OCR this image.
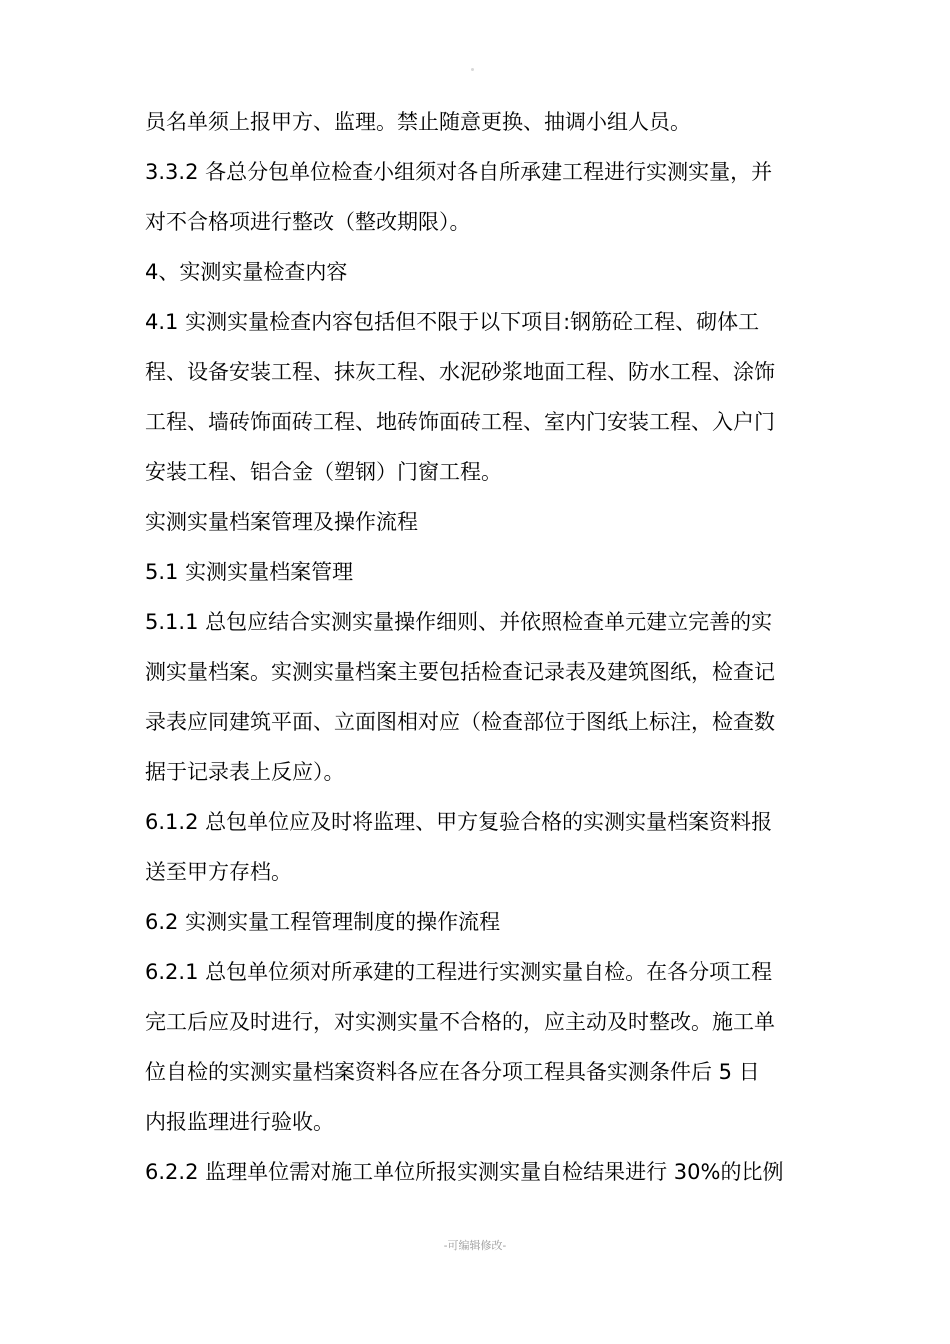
员名单须上报甲方、监理。禁止随意更换、抽调小组人员。
3.3.2 各总分包单位检查小组须对各自所承建工程进行实测实量，并
对不合格项进行整改（整改期限）。
4、实测实量检查内容
4.1 实测实量检查内容包括但不限于以下项目:钢筋砼工程、砌体工
程、设备安装工程、抹灰工程、水泥砂浆地面工程、防水工程、涂饰
工程、墙砖饰面砖工程、地砖饰面砖工程、室内门安装工程、入户门
安装工程、铝合金（塑钢）门窗工程。
实测实量档案管理及操作流程
5.1 实测实量档案管理
5.1.1 总包应结合实测实量操作细则、并依照检查单元建立完善的实
测实量档案。实测实量档案主要包括检查记录表及建筑图纸，检查记
录表应同建筑平面、立面图相对应（检查部位于图纸上标注，检查数
据于记录表上反应）。
6.1.2 总包单位应及时将监理、甲方复验合格的实测实量档案资料报
送至甲方存档。
6.2 实测实量工程管理制度的操作流程
6.2.1 总包单位须对所承建的工程进行实测实量自检。在各分项工程
完工后应及时进行，对实测实量不合格的，应主动及时整改。施工单
位自检的实测实量档案资料各应在各分项工程具备实测条件后 5 日
内报监理进行验收。
6.2.2 监理单位需对施工单位所报实测实量自检结果进行 30%的比例
-可编辑修改-
